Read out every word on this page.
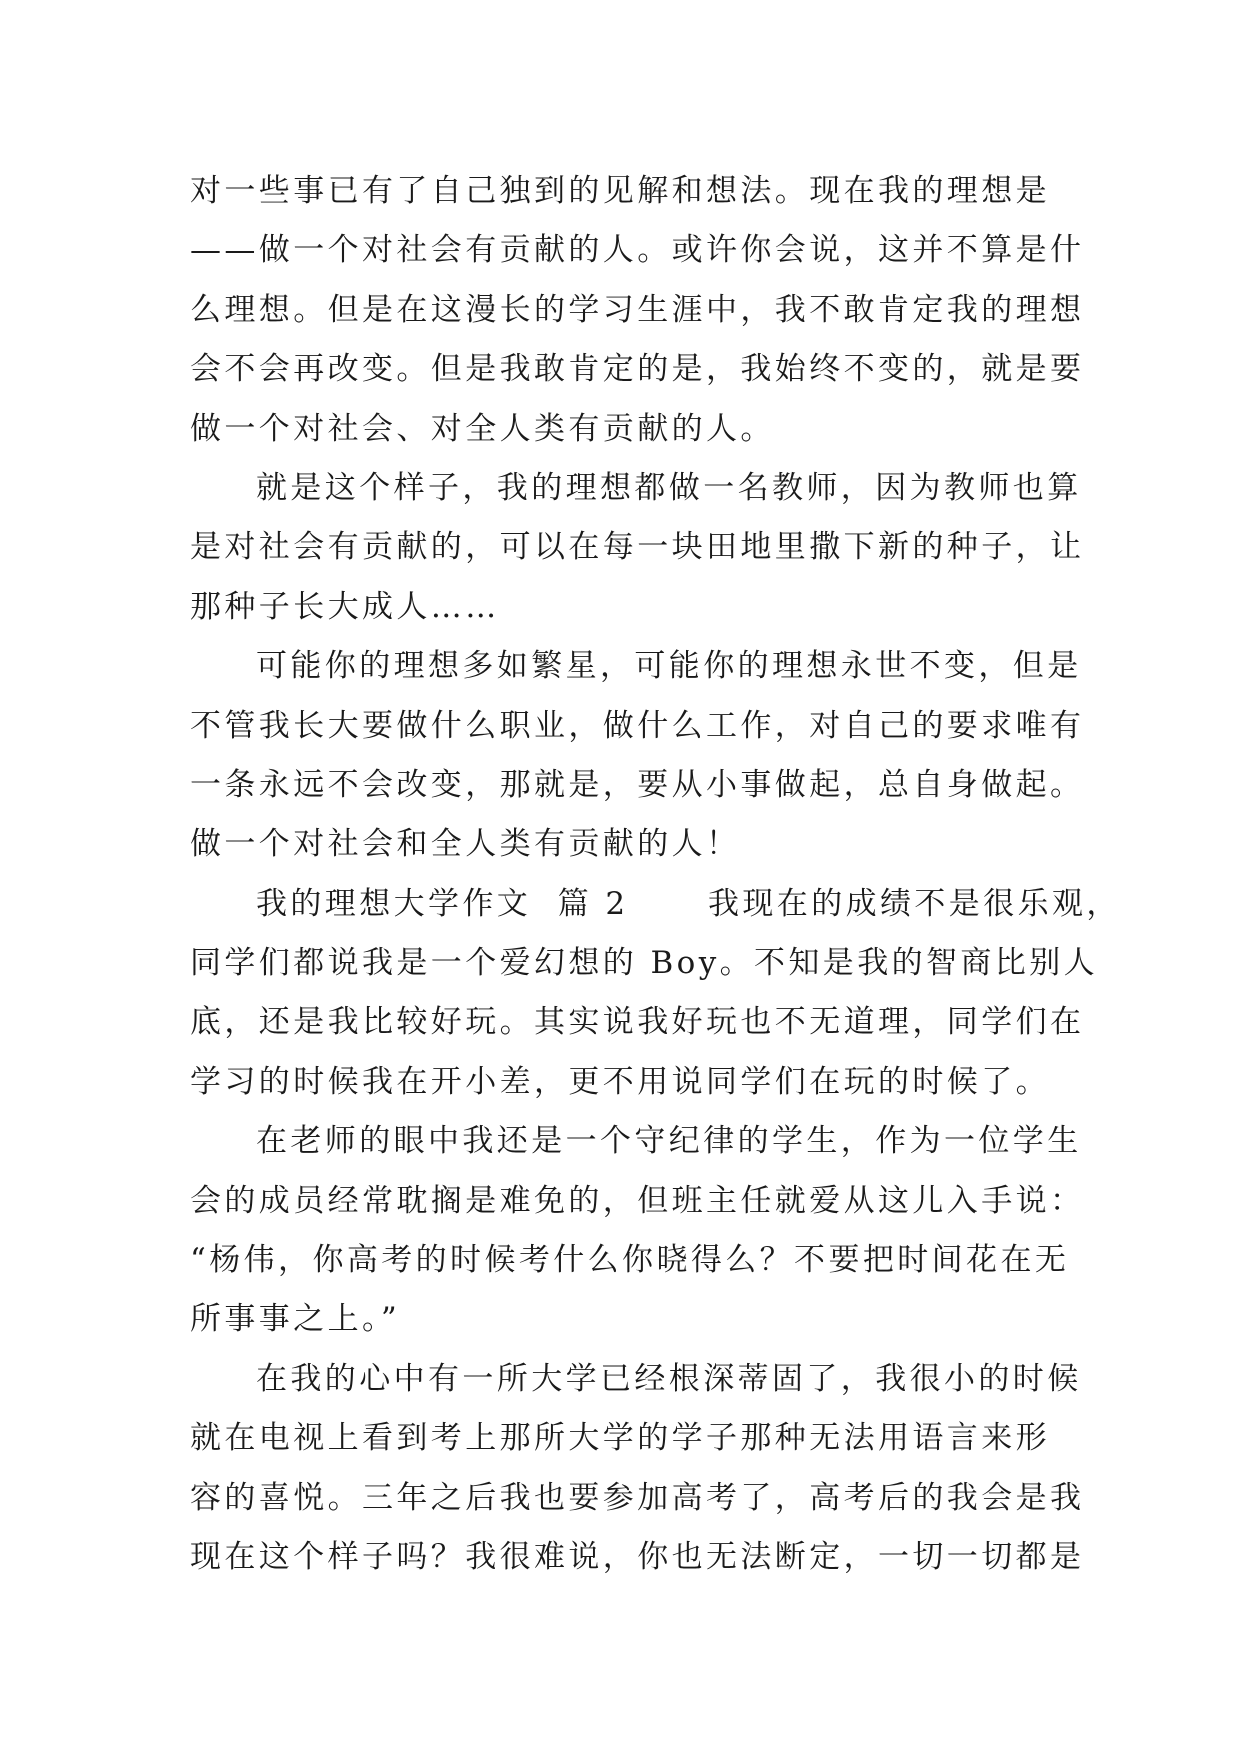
对一些事已有了自己独到的见解和想法。现在我的理想是
——做一个对社会有贡献的人。或许你会说，这并不算是什
么理想。但是在这漫长的学习生涯中，我不敢肯定我的理想
会不会再改变。但是我敢肯定的是，我始终不变的，就是要
做一个对社会、对全人类有贡献的人。
就是这个样子，我的理想都做一名教师，因为教师也算
是对社会有贡献的，可以在每一块田地里撒下新的种子，让
那种子长大成人……
可能你的理想多如繁星，可能你的理想永世不变，但是
不管我长大要做什么职业，做什么工作，对自己的要求唯有
一条永远不会改变，那就是，要从小事做起，总自身做起。
做一个对社会和全人类有贡献的人！
我的理想大学作文  篇 2      我现在的成绩不是很乐观，
同学们都说我是一个爱幻想的 Boy。不知是我的智商比别人
底，还是我比较好玩。其实说我好玩也不无道理，同学们在
学习的时候我在开小差，更不用说同学们在玩的时候了。
在老师的眼中我还是一个守纪律的学生，作为一位学生
会的成员经常耽搁是难免的，但班主任就爱从这儿入手说：
“杨伟，你高考的时候考什么你晓得么？不要把时间花在无
所事事之上。”
在我的心中有一所大学已经根深蒂固了，我很小的时候
就在电视上看到考上那所大学的学子那种无法用语言来形
容的喜悦。三年之后我也要参加高考了，高考后的我会是我
现在这个样子吗？我很难说，你也无法断定，一切一切都是
